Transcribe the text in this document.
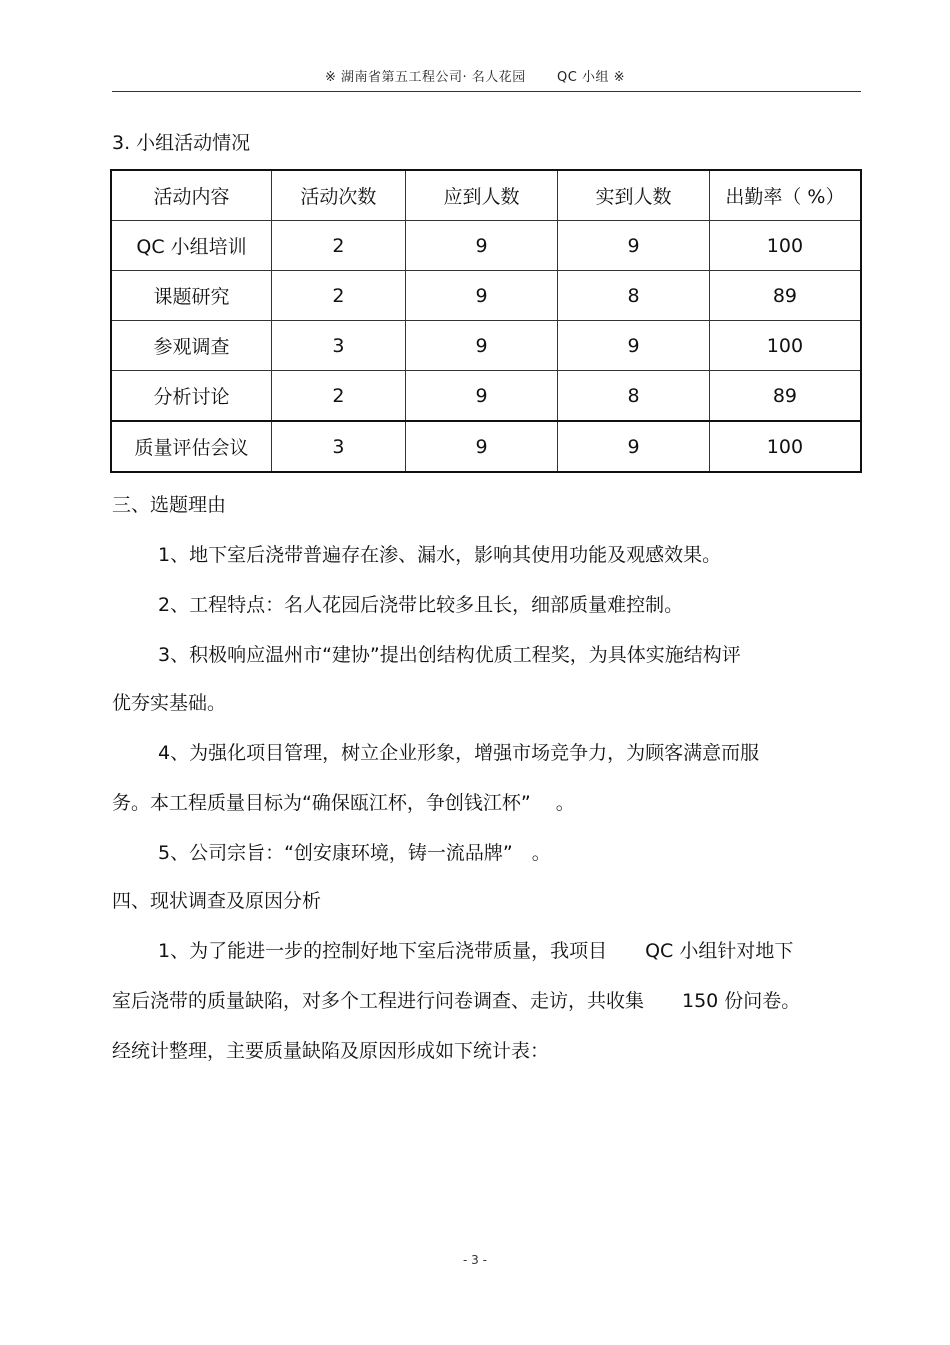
※ 湖南省第五工程公司· 名人花园 QC 小组 ※
3. 小组活动情况
活动内容	活动次数	应到人数	实到人数	出勤率（ %）
QC 小组培训	2	9	9	100
课题研究	2	9	8	89
参观调查	3	9	9	100
分析讨论	2	9	8	89
质量评估会议	3	9	9	100
三、选题理由
1、地下室后浇带普遍存在渗、漏水，影响其使用功能及观感效果。
2、工程特点：名人花园后浇带比较多且长，细部质量难控制。
3、积极响应温州市“建协”提出创结构优质工程奖，为具体实施结构评
优夯实基础。
4、为强化项目管理，树立企业形象，增强市场竞争力，为顾客满意而服
务。本工程质量目标为“确保瓯江杯，争创钱江杯”　 。
5、公司宗旨：“创安康环境，铸一流品牌”　。
四、现状调查及原因分析
1、为了能进一步的控制好地下室后浇带质量，我项目　　QC 小组针对地下
室后浇带的质量缺陷，对多个工程进行问卷调查、走访，共收集　　150 份问卷。
经统计整理，主要质量缺陷及原因形成如下统计表：
- 3 -
